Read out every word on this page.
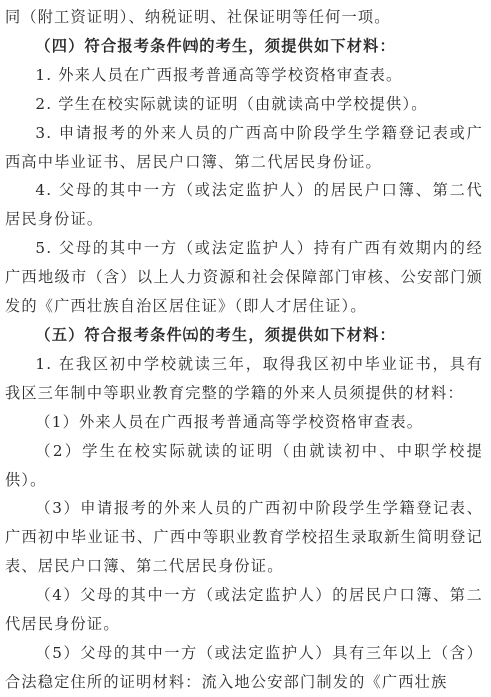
同（附工资证明）、纳税证明、社保证明等任何一项。

（四）符合报考条件㈣的考生，须提供如下材料：

1. 外来人员在广西报考普通高等学校资格审查表。

2. 学生在校实际就读的证明（由就读高中学校提供）。

3. 申请报考的外来人员的广西高中阶段学生学籍登记表或广西高中毕业证书、居民户口簿、第二代居民身份证。

4. 父母的其中一方（或法定监护人）的居民户口簿、第二代居民身份证。

5. 父母的其中一方（或法定监护人）持有广西有效期内的经广西地级市（含）以上人力资源和社会保障部门审核、公安部门颁发的《广西壮族自治区居住证》（即人才居住证）。

（五）符合报考条件㈤的考生，须提供如下材料：

1. 在我区初中学校就读三年，取得我区初中毕业证书，具有我区三年制中等职业教育完整的学籍的外来人员须提供的材料：

（1）外来人员在广西报考普通高等学校资格审查表。

（2）学生在校实际就读的证明（由就读初中、中职学校提供）。

（3）申请报考的外来人员的广西初中阶段学生学籍登记表、广西初中毕业证书、广西中等职业教育学校招生录取新生简明登记表、居民户口簿、第二代居民身份证。

（4）父母的其中一方（或法定监护人）的居民户口簿、第二代居民身份证。

（5）父母的其中一方（或法定监护人）具有三年以上（含）合法稳定住所的证明材料：流入地公安部门制发的《广西壮族
